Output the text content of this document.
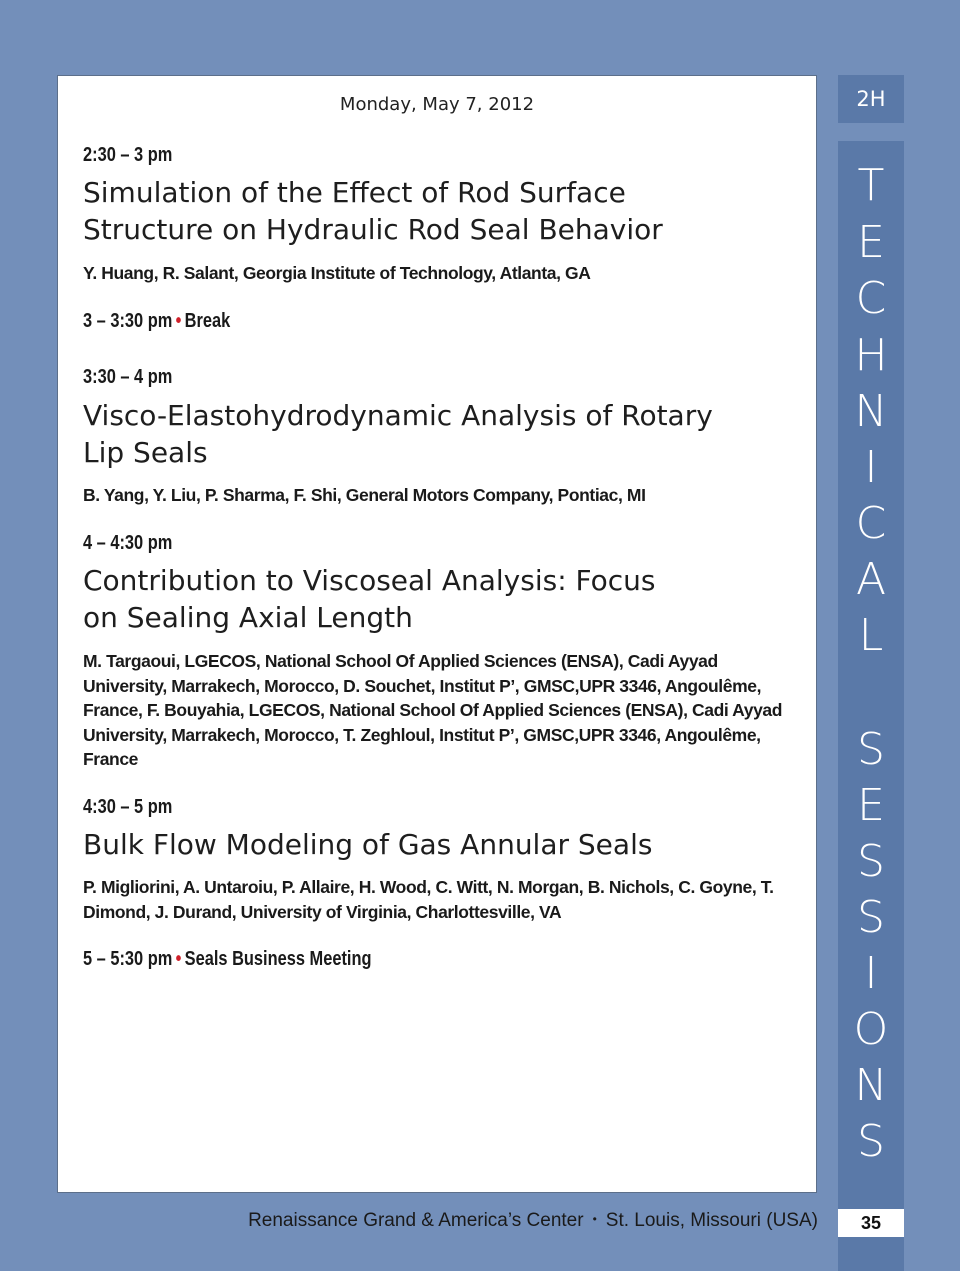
Monday, May 7, 2012
2:30 – 3 pm
Simulation of the Effect of Rod Surface
Structure on Hydraulic Rod Seal Behavior
Y. Huang, R. Salant, Georgia Institute of Technology, Atlanta, GA
3 – 3:30 pm • Break
3:30 – 4 pm
Visco-Elastohydrodynamic Analysis of Rotary
Lip Seals
B. Yang, Y. Liu, P. Sharma, F. Shi, General Motors Company, Pontiac, MI
4 – 4:30 pm
Contribution to Viscoseal Analysis: Focus
on Sealing Axial Length
M. Targaoui, LGECOS, National School Of Applied Sciences (ENSA), Cadi Ayyad University, Marrakech, Morocco, D. Souchet, Institut P’, GMSC,UPR 3346, Angoulême, France, F. Bouyahia, LGECOS, National School Of Applied Sciences (ENSA), Cadi Ayyad University, Marrakech, Morocco, T. Zeghloul, Institut P’, GMSC,UPR 3346, Angoulême, France
4:30 – 5 pm
Bulk Flow Modeling of Gas Annular Seals
P. Migliorini, A. Untaroiu, P. Allaire, H. Wood, C. Witt, N. Morgan, B. Nichols, C. Goyne, T. Dimond, J. Durand, University of Virginia, Charlottesville, VA
5 – 5:30 pm • Seals Business Meeting
2H
T
E
C
H
N
I
C
A
L
S
E
S
S
I
O
N
S
Renaissance Grand & America’s Center • St. Louis, Missouri (USA)	35
